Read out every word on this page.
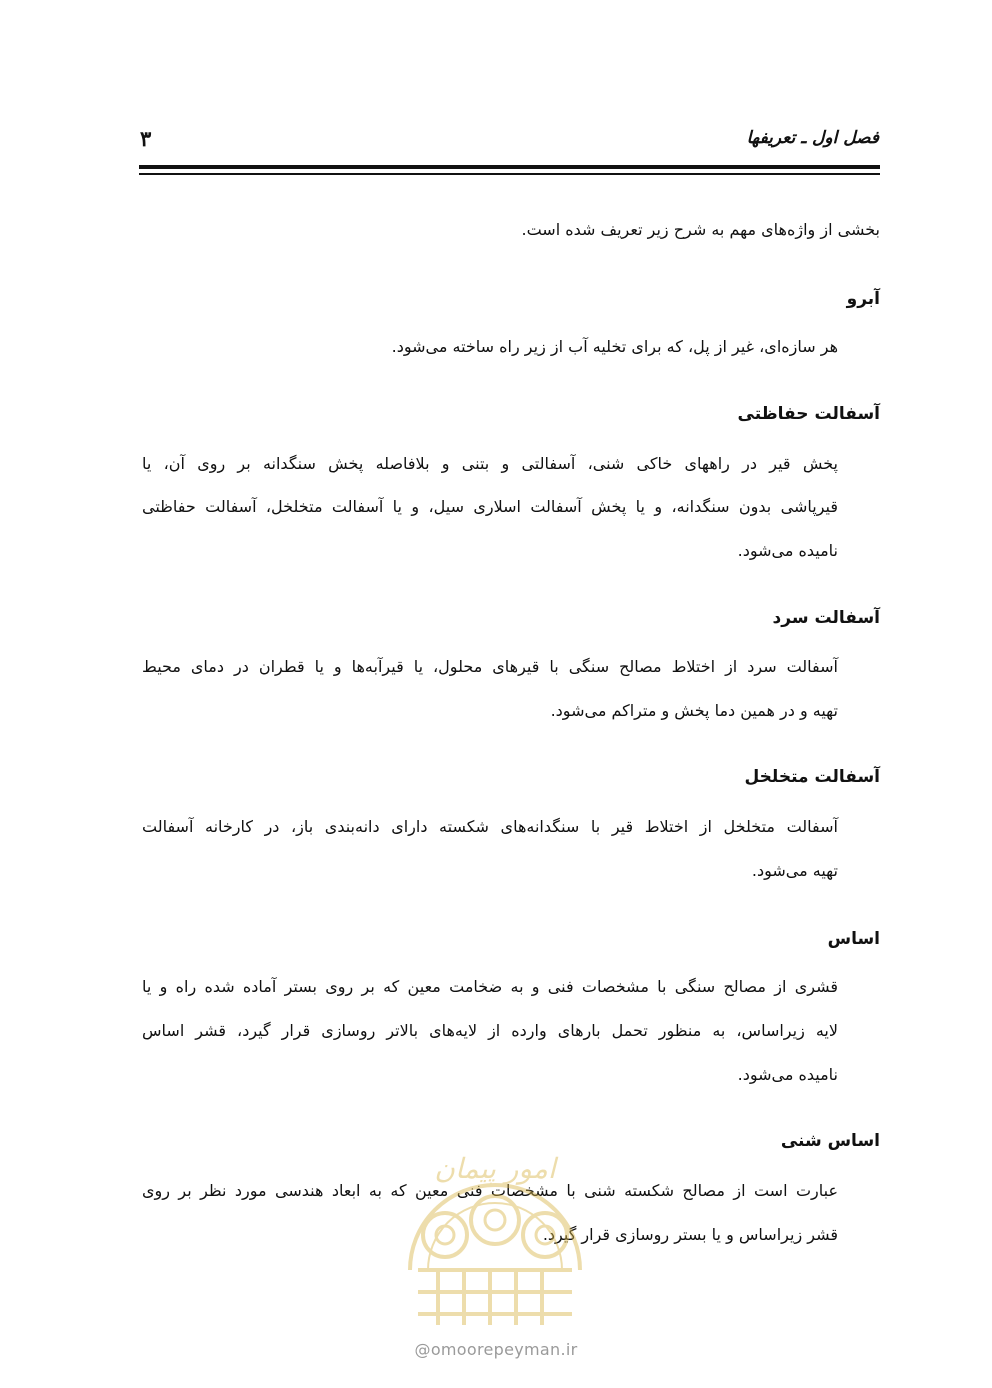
فصل اول ـ تعریفها
۳
بخشی از واژه‌های مهم به شرح زیر تعریف شده است.
آبرو
هر سازه‌ای، غیر از پل، که برای تخلیه آب از زیر راه ساخته می‌شود.
آسفالت حفاظتی
پخش قیر در راههای خاکی شنی، آسفالتی و بتنی و بلافاصله پخش سنگدانه بر روی آن، یا
قیرپاشی بدون سنگدانه، و یا پخش آسفالت اسلاری سیل، و یا آسفالت متخلخل، آسفالت حفاظتی
نامیده می‌شود.
آسفالت سرد
آسفالت سرد از اختلاط مصالح سنگی با قیرهای محلول، یا قیرآبه‌ها و یا قطران در دمای محیط
تهیه و در همین دما پخش و متراکم می‌شود.
آسفالت متخلخل
آسفالت متخلخل از اختلاط قیر با سنگدانه‌های شکسته دارای دانه‌بندی باز، در کارخانه آسفالت
تهیه می‌شود.
اساس
قشری از مصالح سنگی با مشخصات فنی و به ضخامت معین که بر روی بستر آماده شده راه و یا
لایه زیراساس، به منظور تحمل بارهای وارده از لایه‌های بالاتر روسازی قرار گیرد، قشر اساس
نامیده می‌شود.
اساس شنی
عبارت است از مصالح شکسته شنی با مشخصات فنی معین که به ابعاد هندسی مورد نظر بر روی
قشر زیراساس و یا بستر روسازی قرار گیرد.
امور پیمان
@omoorepeyman.ir
